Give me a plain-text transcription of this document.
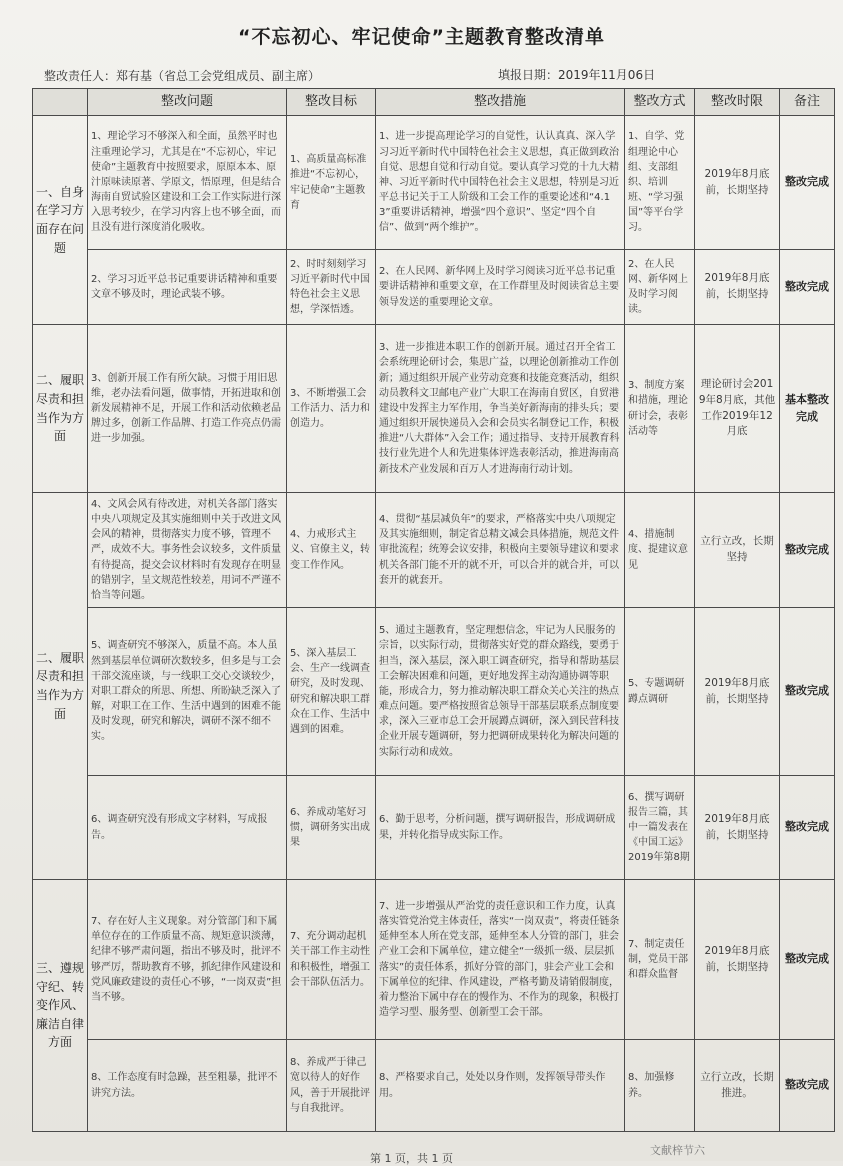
“不忘初心、牢记使命”主题教育整改清单
整改责任人：郑有基（省总工会党组成员、副主席）	填报日期：2019年11月06日
	整改问题	整改目标	整改措施	整改方式	整改时限	备注
一、自身在学习方面存在问题	1、理论学习不够深入和全面，虽然平时也注重理论学习，尤其是在“不忘初心，牢记使命”主题教育中按照要求，原原本本、原汁原味读原著、学原文，悟原理，但是结合海南自贸试验区建设和工会工作实际进行深入思考较少，在学习内容上也不够全面，而且没有进行深度消化吸收。	1、高质量高标准推进“不忘初心，牢记使命”主题教育	1、进一步提高理论学习的自觉性，认认真真、深入学习习近平新时代中国特色社会主义思想，真正做到政治自觉、思想自觉和行动自觉。要认真学习党的十九大精神、习近平新时代中国特色社会主义思想，特别是习近平总书记关于工人阶级和工会工作的重要论述和“4.13”重要讲话精神，增强“四个意识”、坚定“四个自信”、做到“两个维护”。	1、自学、党组理论中心组、支部组织、培训班、“学习强国”等平台学习。	2019年8月底前，长期坚持	整改完成
	2、学习习近平总书记重要讲话精神和重要文章不够及时，理论武装不够。	2、时时刻刻学习习近平新时代中国特色社会主义思想，学深悟透。	2、在人民网、新华网上及时学习阅读习近平总书记重要讲话精神和重要文章，在工作群里及时阅读省总主要领导发送的重要理论文章。	2、在人民网、新华网上及时学习阅读。	2019年8月底前，长期坚持	整改完成
二、履职尽责和担当作为方面	3、创新开展工作有所欠缺。习惯于用旧思维，老办法看问题，做事情，开拓进取和创新发展精神不足，开展工作和活动依赖老品牌过多，创新工作品牌、打造工作亮点仍需进一步加强。	3、不断增强工会工作活力、活力和创造力。	3、进一步推进本职工作的创新开展。通过召开全省工会系统理论研讨会，集思广益，以理论创新推动工作创新；通过组织开展产业劳动竞赛和技能竞赛活动，组织动员教科文卫邮电产业广大职工在海南自贸区，自贸港建设中发挥主力军作用，争当美好新海南的排头兵；要通过组织开展快递员入会和会员实名制登记工作，积极推进“八大群体”入会工作；通过指导、支持开展教育科技行业先进个人和先进集体评选表彰活动，推进海南高新技术产业发展和百万人才进海南行动计划。	3、制度方案和措施，理论研讨会，表彰活动等	理论研讨会2019年8月底，其他工作2019年12月底	基本整改完成
二、履职尽责和担当作为方面	4、文风会风有待改进，对机关各部门落实中央八项规定及其实施细则中关于改进文风会风的精神，贯彻落实力度不够，管理不严，成效不大。事务性会议较多，文件质量有待提高，提交会议材料时有发现存在明显的错别字，呈文规范性较差，用词不严谨不恰当等问题。	4、力戒形式主义、官僚主义，转变工作作风。	4、贯彻“基层减负年”的要求，严格落实中央八项规定及其实施细则，制定省总精文减会具体措施，规范文件审批流程；统筹会议安排，积极向主要领导建议和要求机关各部门能不开的就不开，可以合并的就合并，可以套开的就套开。	4、措施制度、提建议意见	立行立改，长期坚持	整改完成
	5、调查研究不够深入，质量不高。本人虽然到基层单位调研次数较多，但多是与工会干部交流座谈，与一线职工交心交谈较少，对职工群众的所思、所想、所盼缺乏深入了解，对职工在工作、生活中遇到的困难不能及时发现，研究和解决，调研不深不细不实。	5、深入基层工会、生产一线调查研究，及时发现、研究和解决职工群众在工作、生活中遇到的困难。	5、通过主题教育，坚定理想信念，牢记为人民服务的宗旨，以实际行动，贯彻落实好党的群众路线，要勇于担当，深入基层，深入职工调查研究，指导和帮助基层工会解决困难和问题，更好地发挥主动沟通协调等职能，形成合力，努力推动解决职工群众关心关注的热点难点问题。要严格按照省总领导干部基层联系点制度要求，深入三亚市总工会开展蹲点调研，深入到民营科技企业开展专题调研，努力把调研成果转化为解决问题的实际行动和成效。	5、专题调研蹲点调研	2019年8月底前，长期坚持	整改完成
	6、调查研究没有形成文字材料，写成报告。	6、养成动笔好习惯，调研务实出成果	6、勤于思考，分析问题，撰写调研报告，形成调研成果，并转化指导成实际工作。	6、撰写调研报告三篇，其中一篇发表在《中国工运》2019年第8期	2019年8月底前，长期坚持	整改完成
三、遵规守纪、转变作风、廉洁自律方面	7、存在好人主义现象。对分管部门和下属单位存在的工作质量不高、规矩意识淡薄，纪律不够严肃问题，指出不够及时，批评不够严厉，帮助教育不够，抓纪律作风建设和党风廉政建设的责任心不够，“一岗双责”担当不够。	7、充分调动起机关干部工作主动性和积极性，增强工会干部队伍活力。	7、进一步增强从严治党的责任意识和工作力度，认真落实管党治党主体责任，落实“一岗双责”，将责任链条延伸至本人所在党支部，延伸至本人分管的部门，驻会产业工会和下属单位，建立健全“一级抓一级、层层抓落实”的责任体系，抓好分管的部门，驻会产业工会和下属单位的纪律、作风建设，严格考勤及请销假制度，着力整治下属中存在的慢作为、不作为的现象，积极打造学习型、服务型、创新型工会干部。	7、制定责任制，党员干部和群众监督	2019年8月底前，长期坚持	整改完成
	8、工作态度有时急躁，甚至粗暴，批评不讲究方法。	8、养成严于律己宽以待人的好作风，善于开展批评与自我批评。	8、严格要求自己，处处以身作则，发挥领导带头作用。	8、加强修养。	立行立改，长期推进。	整改完成
第 1 页，共 1 页
文献梓节六
